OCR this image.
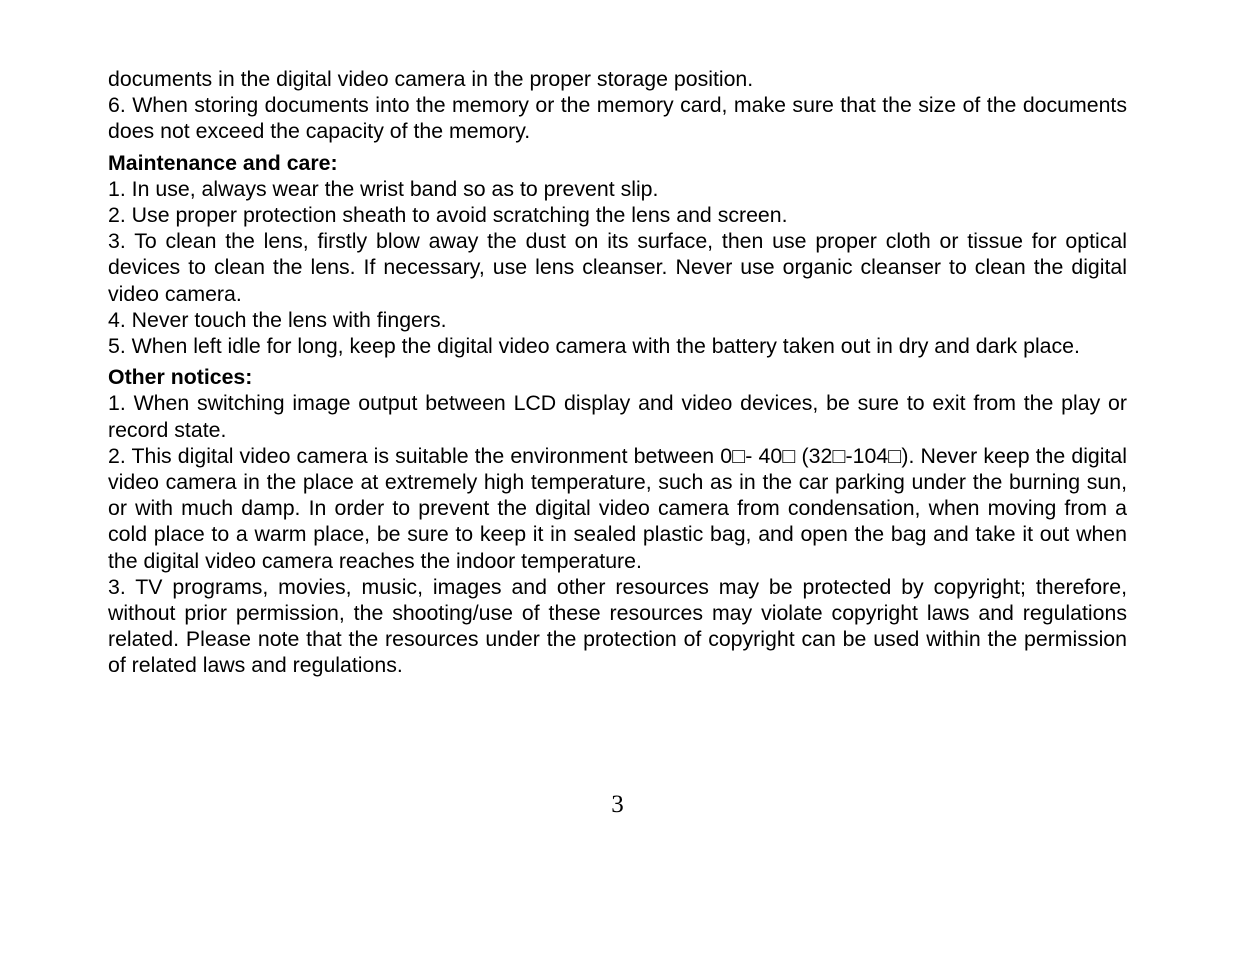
documents in the digital video camera in the proper storage position.

6. When storing documents into the memory or the memory card, make sure that the size of the documents does not exceed the capacity of the memory.

Maintenance and care:

1. In use, always wear the wrist band so as to prevent slip.

2. Use proper protection sheath to avoid scratching the lens and screen.

3. To clean the lens, firstly blow away the dust on its surface, then use proper cloth or tissue for optical devices to clean the lens. If necessary, use lens cleanser. Never use organic cleanser to clean the digital video camera.

4. Never touch the lens with fingers.

5. When left idle for long, keep the digital video camera with the battery taken out in dry and dark place.

Other notices:

1. When switching image output between LCD display and video devices, be sure to exit from the play or record state.

2. This digital video camera is suitable the environment between 0□- 40□ (32□-104□). Never keep the digital video camera in the place at extremely high temperature, such as in the car parking under the burning sun, or with much damp. In order to prevent the digital video camera from condensation, when moving from a cold place to a warm place, be sure to keep it in sealed plastic bag, and open the bag and take it out when the digital video camera reaches the indoor temperature.

3. TV programs, movies, music, images and other resources may be protected by copyright; therefore, without prior permission, the shooting/use of these resources may violate copyright laws and regulations related. Please note that the resources under the protection of copyright can be used within the permission of related laws and regulations.

3
